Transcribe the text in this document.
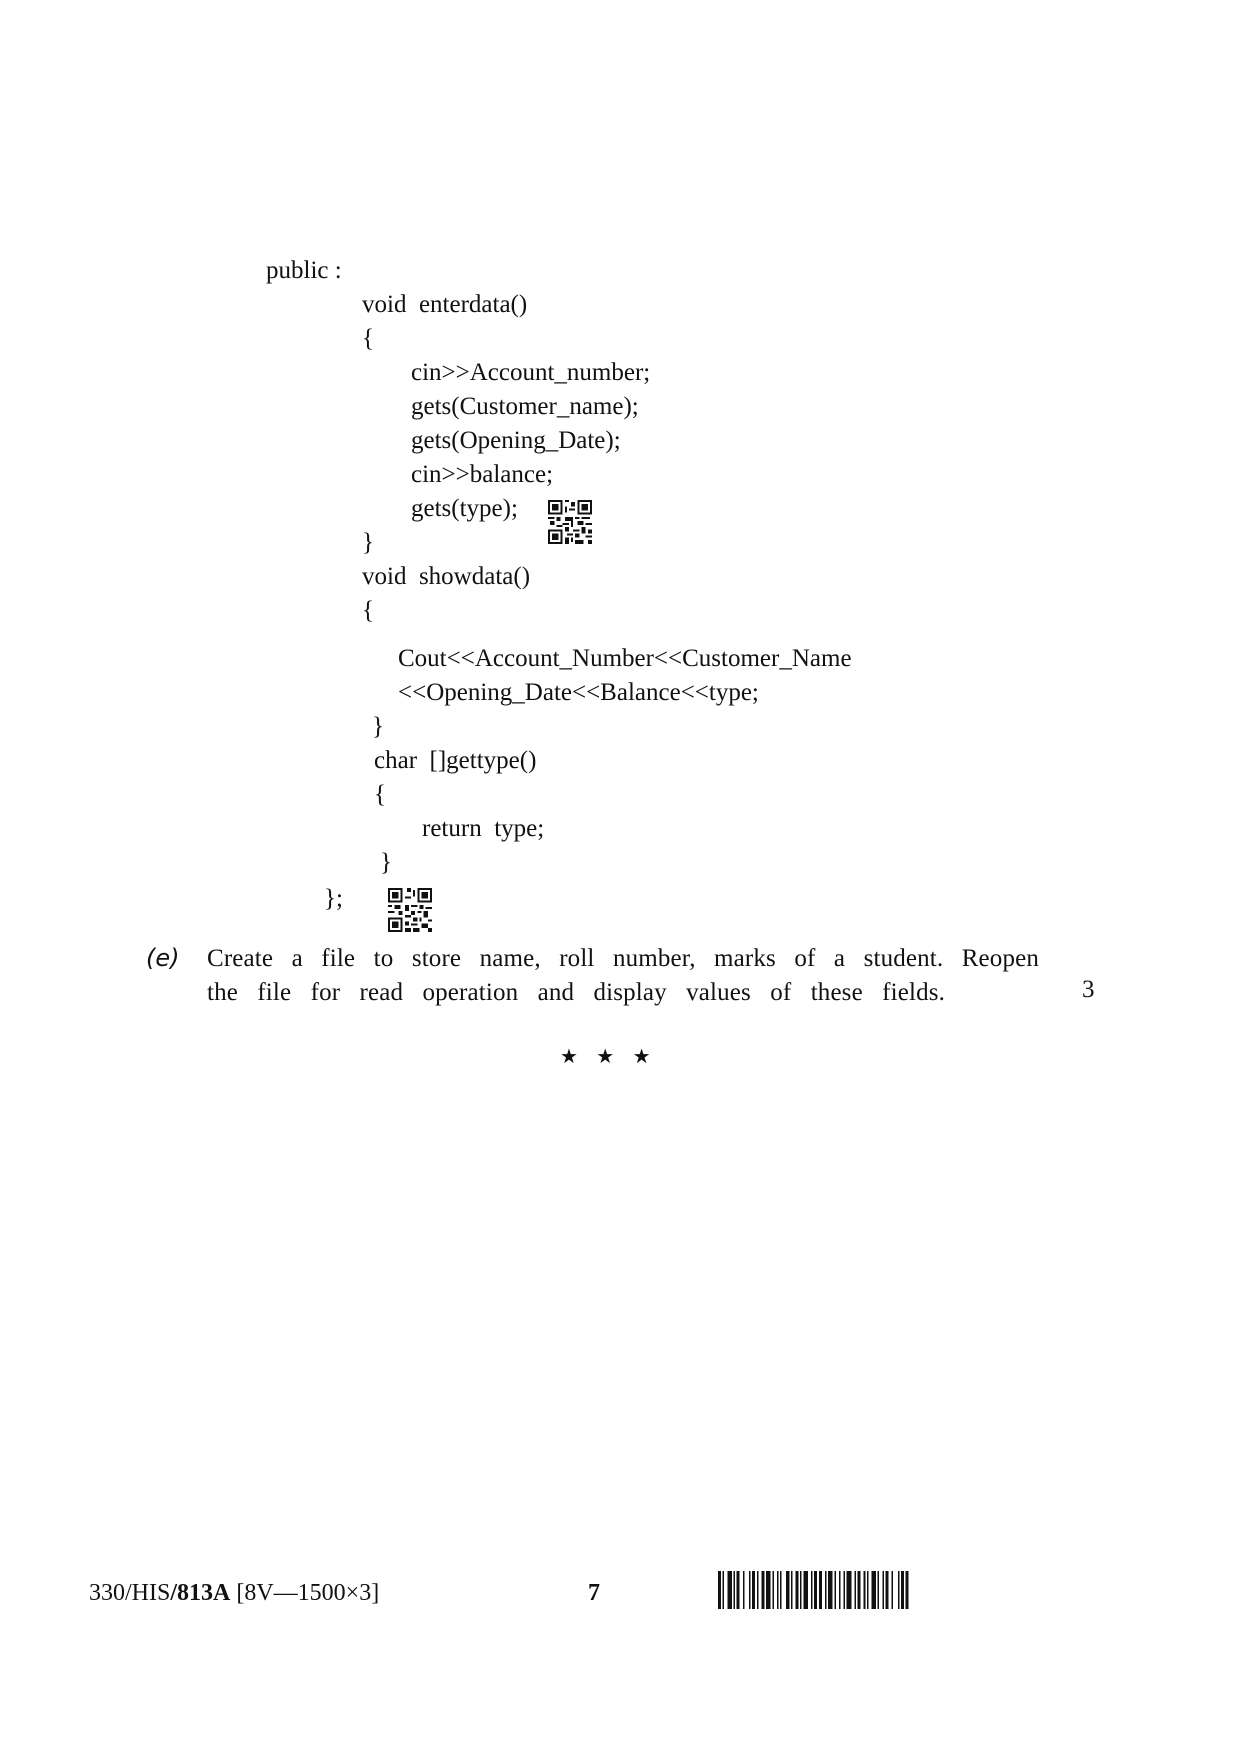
public :
void  enterdata()
{
cin>>Account_number;
gets(Customer_name);
gets(Opening_Date);
cin>>balance;
gets(type);
}
void  showdata()
{
Cout<<Account_Number<<Customer_Name
<<Opening_Date<<Balance<<type;
}
char  []gettype()
{
return  type;
}
};
(e) Create a file to store name, roll number, marks of a student. Reopen
the file for read operation and display values of these fields.	3
★ ★ ★
330/HIS/813A [8V—1500×3]	7
